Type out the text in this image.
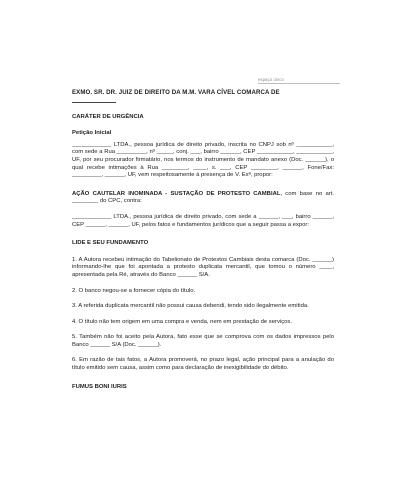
espaço único

EXMO. SR. DR. JUIZ DE DIREITO DA M.M. VARA CÍVEL COMARCA DE

CARÁTER DE URGÊNCIA
Petição Inicial

____________ LTDA., pessoa jurídica de direito privado, inscrita no CNPJ sob nº ___________, com sede a Rua _________, nº _____, conj. ___, bairro ______, CEP ___________, ___________, UF, por seu procurador firmatário, nos termos do instrumento de mandato anexo (Doc. ______), o qual recebe intimações à Rua ________, ____, s. ___, CEP ________, ______, Fone/Fax: _________, ______, UF, vem respeitosamente à presença de V. Exª, propor:

AÇÃO CAUTELAR INOMINADA - SUSTAÇÃO DE PROTESTO CAMBIAL, com base no art. ________ do CPC, contra:

____________ LTDA., pessoa jurídica de direito privado, com sede a ______, ___, bairro ______, CEP ______, ______, UF, pelos fatos e fundamentos jurídicos que a seguir passa a expor:

LIDE E SEU FUNDAMENTO

1. A Autora recebeu intimação do Tabelionato de Protestos Cambiais desta comarca (Doc. ______) informando-lhe que foi apontada a protesto duplicata mercantil, que tomou o número ____, apresentada pela Ré, através do Banco ______ S/A.

2. O banco negou-se a fornecer cópia do título.

3. A referida duplicata mercantil não possui causa debendi, tendo sido ilegalmente emitida.

4. O título não tem origem em uma compra e venda, nem em prestação de serviços.

5. Também não foi aceito pela Autora, fato esse que se comprova com os dados impressos pelo Banco ______ S/A (Doc. ______).

6. Em razão de tais fatos, a Autora promoverá, no prazo legal, ação principal para a anulação do título emitido sem causa, assim como para declaração de inexigibilidade do débito.

FUMUS BONI IURIS
